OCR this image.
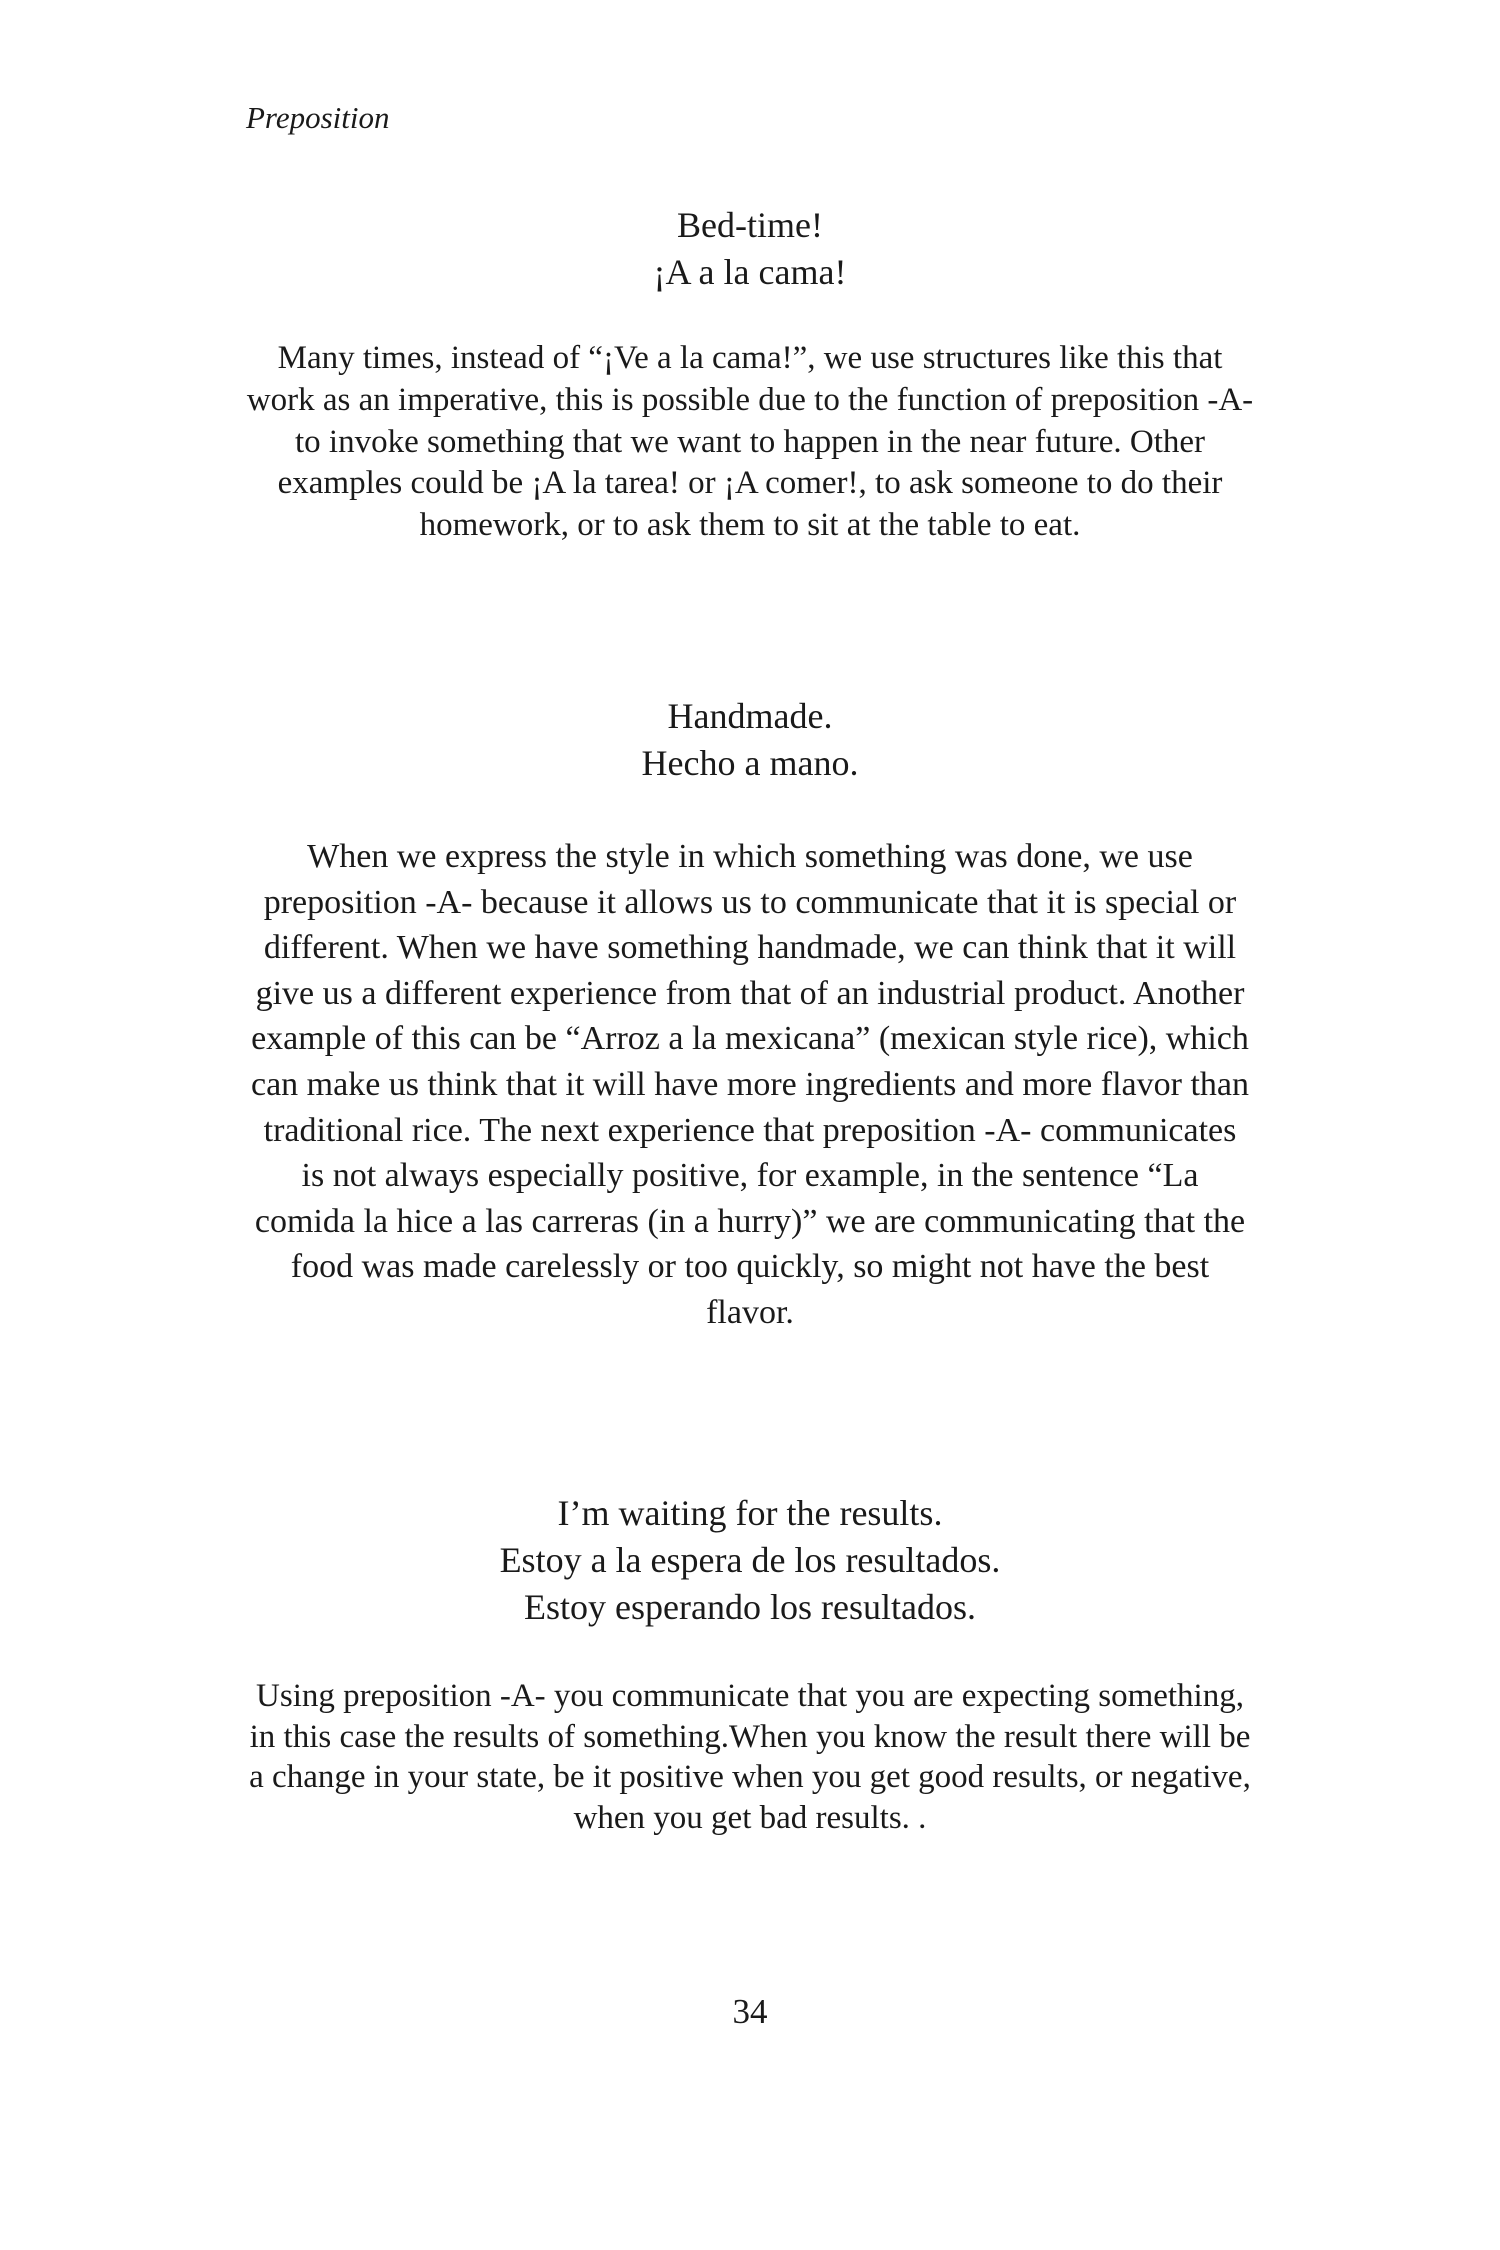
Preposition
Bed-time!
¡A a la cama!
Many times, instead of “¡Ve a la cama!”, we use structures like this that work as an imperative, this is possible due to the function of preposition -A- to invoke something that we want to happen in the near future. Other examples could be ¡A la tarea! or ¡A comer!, to ask someone to do their homework, or to ask them to sit at the table to eat.
Handmade.
Hecho a mano.
When we express the style in which something was done, we use preposition -A- because it allows us to communicate that it is special or different. When we have something handmade, we can think that it will give us a different experience from that of an industrial product. Another example of this can be “Arroz a la mexicana” (mexican style rice), which can make us think that it will have more ingredients and more flavor than traditional rice. The next experience that preposition -A- communicates is not always especially positive, for example, in the sentence “La comida la hice a las carreras (in a hurry)” we are communicating that the food was made carelessly or too quickly, so might not have the best flavor.
I’m waiting for the results.
Estoy a la espera de los resultados.
Estoy esperando los resultados.
Using preposition -A- you communicate that you are expecting something, in this case the results of something.When you know the result there will be a change in your state, be it positive when you get good results, or negative, when you get bad results. .
34
